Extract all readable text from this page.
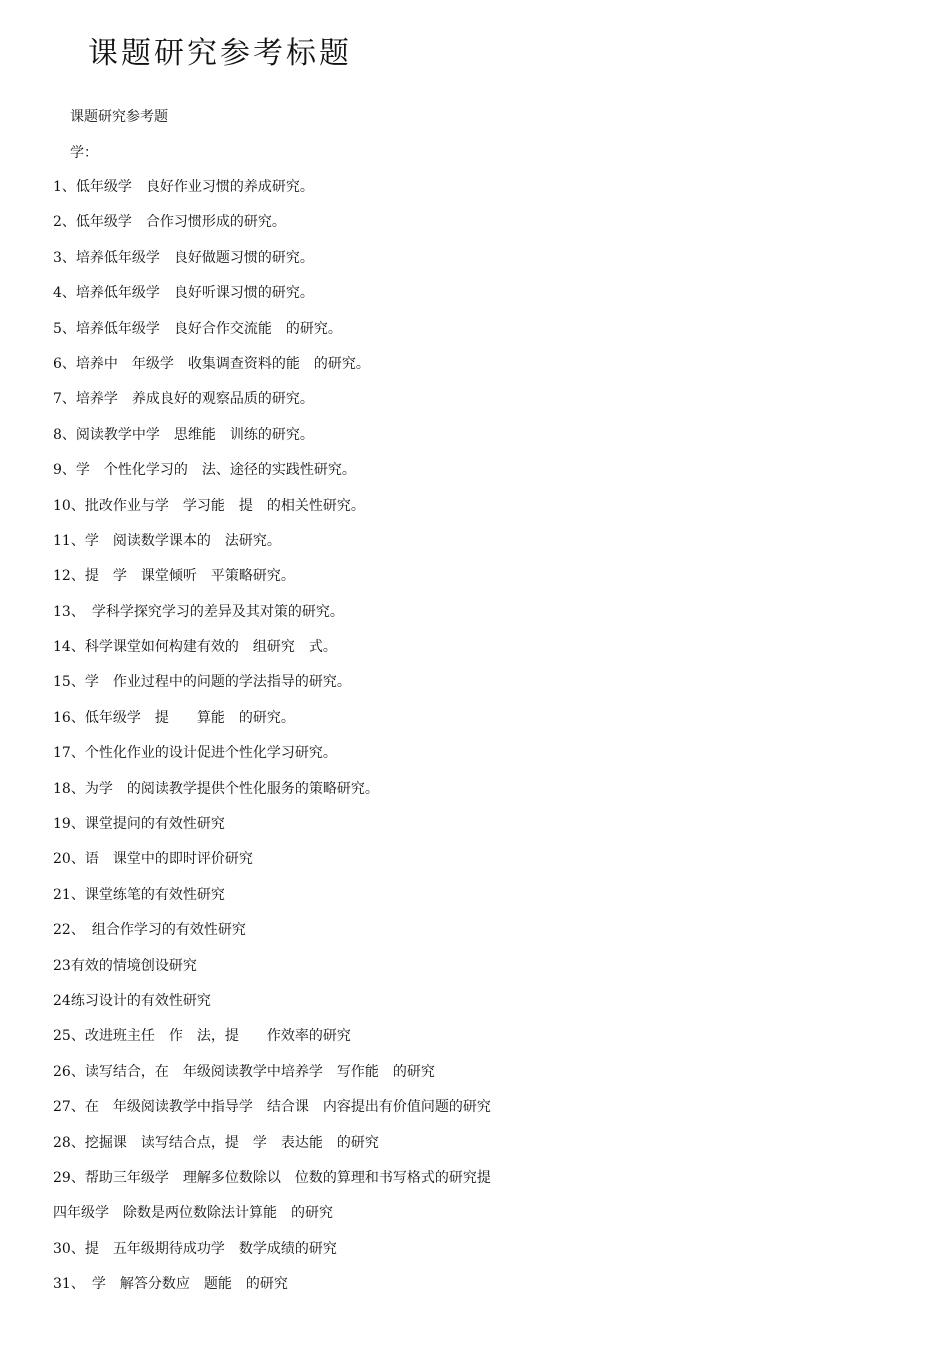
课题研究参考标题
课题研究参考题
学：
1、低年级学　良好作业习惯的养成研究。
2、低年级学　合作习惯形成的研究。
3、培养低年级学　良好做题习惯的研究。
4、培养低年级学　良好听课习惯的研究。
5、培养低年级学　良好合作交流能　的研究。
6、培养中　年级学　收集调查资料的能　的研究。
7、培养学　养成良好的观察品质的研究。
8、阅读教学中学　思维能　训练的研究。
9、学　个性化学习的　法、途径的实践性研究。
10、批改作业与学　学习能　提　的相关性研究。
11、学　阅读数学课本的　法研究。
12、提　学　课堂倾听　平策略研究。
13、　学科学探究学习的差异及其对策的研究。
14、科学课堂如何构建有效的　组研究　式。
15、学　作业过程中的问题的学法指导的研究。
16、低年级学　提　　算能　的研究。
17、个性化作业的设计促进个性化学习研究。
18、为学　的阅读教学提供个性化服务的策略研究。
19、课堂提问的有效性研究
20、语　课堂中的即时评价研究
21、课堂练笔的有效性研究
22、　组合作学习的有效性研究
23有效的情境创设研究
24练习设计的有效性研究
25、改进班主任　作　法，提　　作效率的研究
26、读写结合，在　年级阅读教学中培养学　写作能　的研究
27、在　年级阅读教学中指导学　结合课　内容提出有价值问题的研究
28、挖掘课　读写结合点，提　学　表达能　的研究
29、帮助三年级学　理解多位数除以　位数的算理和书写格式的研究提
四年级学　除数是两位数除法计算能　的研究
30、提　五年级期待成功学　数学成绩的研究
31、　学　解答分数应　题能　的研究
